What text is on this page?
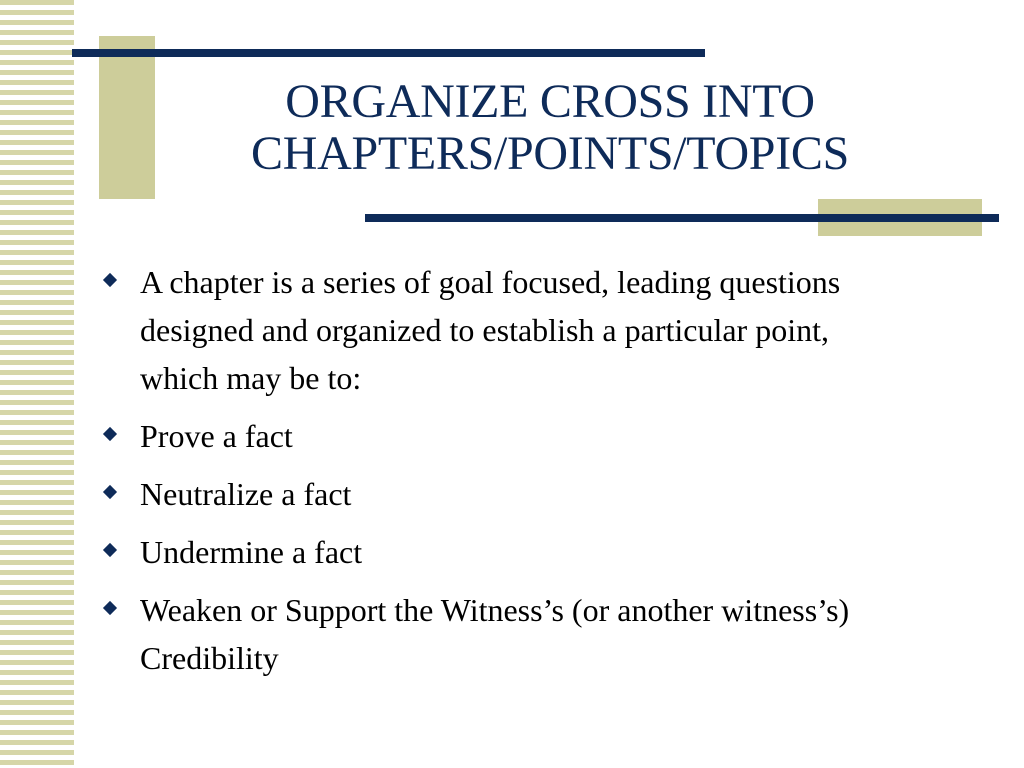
ORGANIZE CROSS INTO
CHAPTERS/POINTS/TOPICS
A chapter is a series of goal focused, leading questions designed and organized to establish a particular point, which may be to:
Prove a fact
Neutralize a fact
Undermine a fact
Weaken or Support the Witness’s (or another witness’s) Credibility
